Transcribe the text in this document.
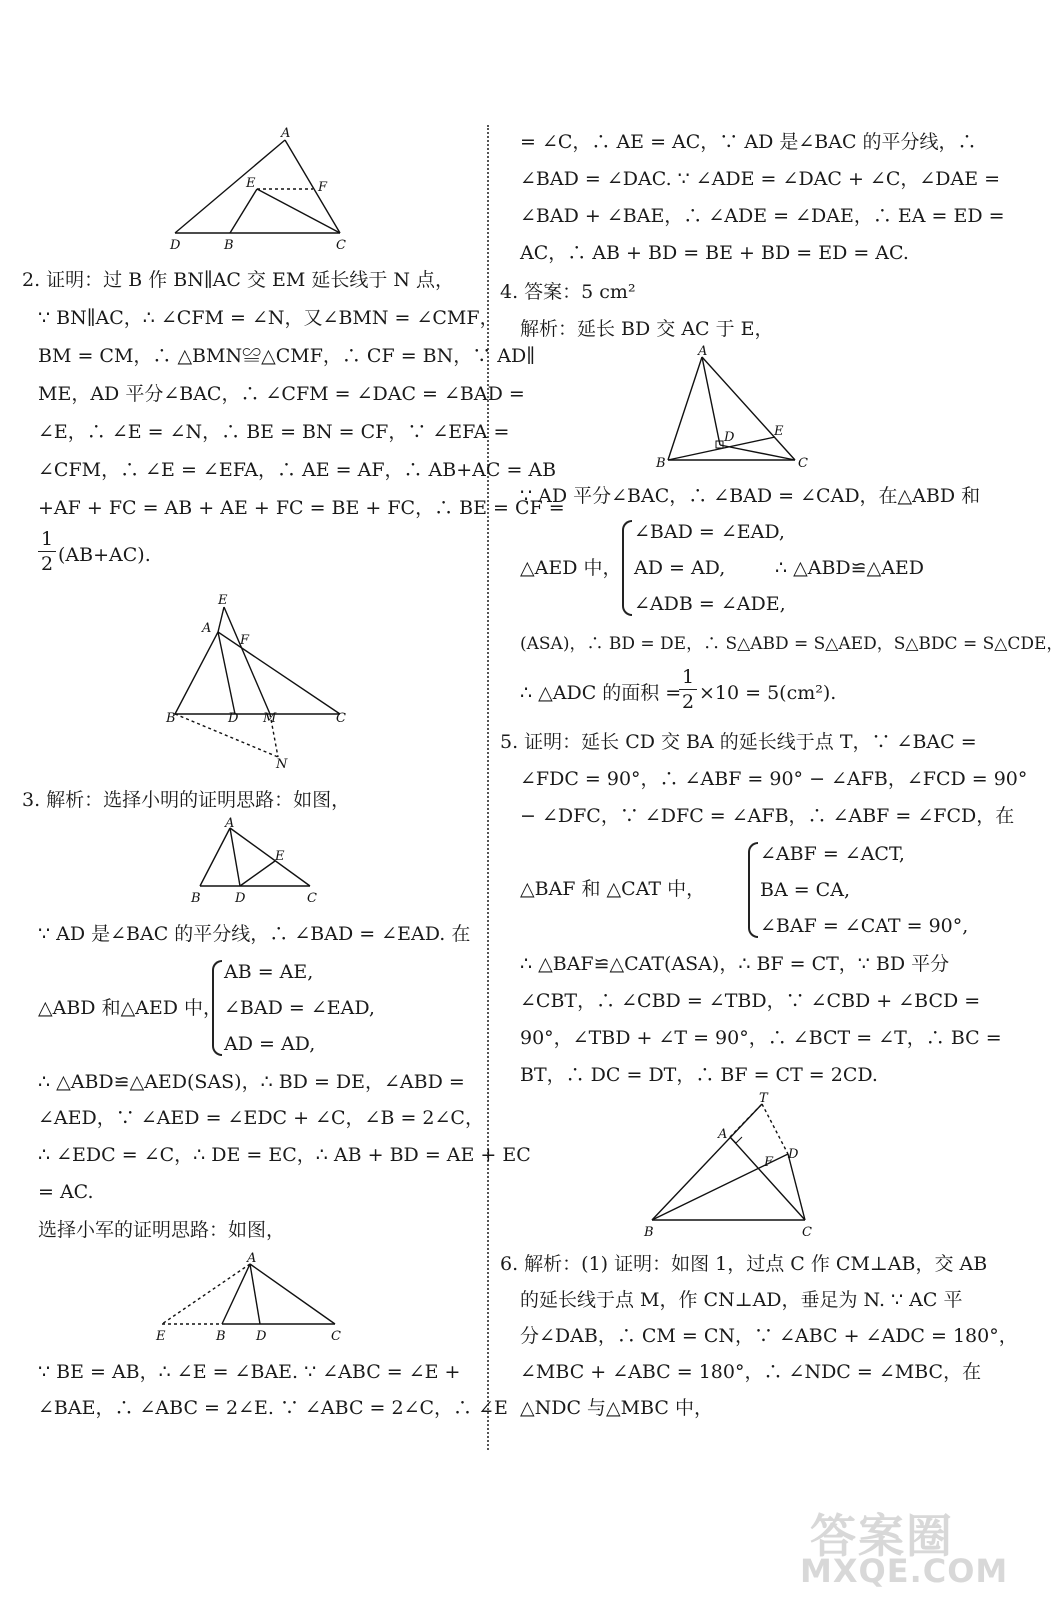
A
E	F
D	B	C
2. 证明：过 B 作 BN∥AC 交 EM 延长线于 N 点，
∵ BN∥AC，∴ ∠CFM = ∠N，又∠BMN = ∠CMF，
BM = CM，∴ △BMN≌△CMF，∴ CF = BN，∵ AD∥
ME，AD 平分∠BAC，∴ ∠CFM = ∠DAC = ∠BAD =
∠E，∴ ∠E = ∠N，∴ BE = BN = CF，∵ ∠EFA =
∠CFM，∴ ∠E = ∠EFA，∴ AE = AF，∴ AB+AC = AB
+AF + FC = AB + AE + FC = BE + FC，∴ BE = CF =
1
2 (AB+AC).
E
A
F
B	D M	C
N
3. 解析：选择小明的证明思路：如图，
A
E
B	D	C
∵ AD 是∠BAC 的平分线，∴ ∠BAD = ∠EAD. 在
△ABD 和△AED 中，
AB = AE,
∠BAD = ∠EAD,
AD = AD,
∴ △ABD≌△AED(SAS)，∴ BD = DE，∠ABD =
∠AED，∵ ∠AED = ∠EDC + ∠C，∠B = 2∠C，
∴ ∠EDC = ∠C，∴ DE = EC，∴ AB + BD = AE + EC
= AC.
选择小军的证明思路：如图，
A
E	B D	C
∵ BE = AB，∴ ∠E = ∠BAE. ∵ ∠ABC = ∠E +
∠BAE，∴ ∠ABC = 2∠E. ∵ ∠ABC = 2∠C，∴ ∠E
= ∠C，∴ AE = AC，∵ AD 是∠BAC 的平分线，∴
∠BAD = ∠DAC. ∵ ∠ADE = ∠DAC + ∠C，∠DAE =
∠BAD + ∠BAE，∴ ∠ADE = ∠DAE，∴ EA = ED =
AC，∴ AB + BD = BE + BD = ED = AC.
4. 答案：5 cm²
解析：延长 BD 交 AC 于 E，
A
D	E
B	C
∵ AD 平分∠BAC，∴ ∠BAD = ∠CAD，在△ABD 和
△AED 中，
∠BAD = ∠EAD,
AD = AD,
∠ADB = ∠ADE,
∴ △ABD≌△AED
(ASA)，∴ BD = DE，∴ S△ABD = S△AED，S△BDC = S△CDE，
∴ △ADC 的面积 =
1
2 ×10 = 5(cm²).
5. 证明：延长 CD 交 BA 的延长线于点 T，∵ ∠BAC =
∠FDC = 90°，∴ ∠ABF = 90° − ∠AFB，∠FCD = 90°
− ∠DFC，∵ ∠DFC = ∠AFB，∴ ∠ABF = ∠FCD，在
△BAF 和 △CAT 中，
∠ABF = ∠ACT,
BA = CA,
∠BAF = ∠CAT = 90°,
∴ △BAF≌△CAT(ASA)，∴ BF = CT，∵ BD 平分
∠CBT，∴ ∠CBD = ∠TBD，∵ ∠CBD + ∠BCD =
90°，∠TBD + ∠T = 90°，∴ ∠BCT = ∠T，∴ BC =
BT，∴ DC = DT，∴ BF = CT = 2CD.
T
A
F
D
B	C
6. 解析：(1) 证明：如图 1，过点 C 作 CM⊥AB，交 AB
的延长线于点 M，作 CN⊥AD，垂足为 N. ∵ AC 平
分∠DAB，∴ CM = CN，∵ ∠ABC + ∠ADC = 180°，
∠MBC + ∠ABC = 180°，∴ ∠NDC = ∠MBC，在
△NDC 与△MBC 中，
答案圈
MXQE.COM
